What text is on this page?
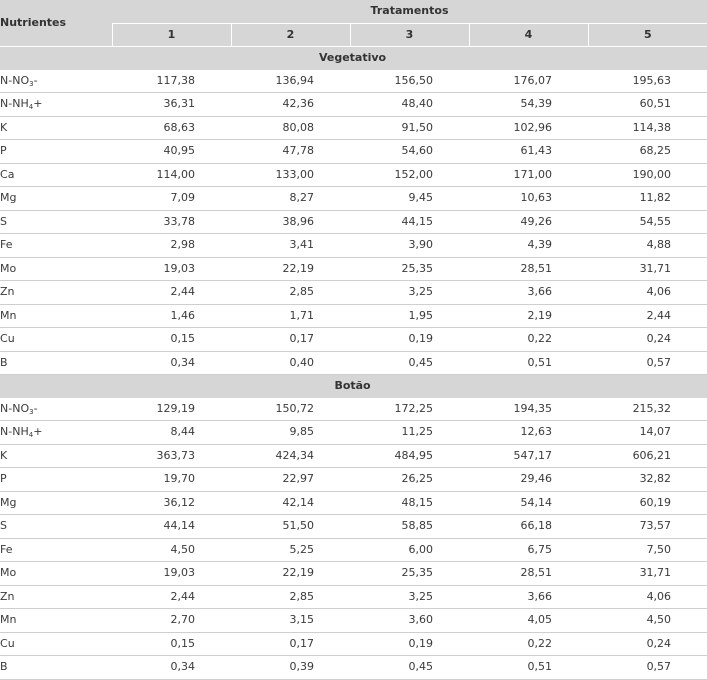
Nutrientes	Tratamentos				
	1	2	3	4	5
Vegetativo					
$N-NO_3-$	117,38	136,94	156,50	176,07	195,63
$N-NH_4+$	36,31	42,36	48,40	54,39	60,51
K	68,63	80,08	91,50	102,96	114,38
P	40,95	47,78	54,60	61,43	68,25
Ca	114,00	133,00	152,00	171,00	190,00
Mg	7,09	8,27	9,45	10,63	11,82
S	33,78	38,96	44,15	49,26	54,55
Fe	2,98	3,41	3,90	4,39	4,88
Mo	19,03	22,19	25,35	28,51	31,71
Zn	2,44	2,85	3,25	3,66	4,06
Mn	1,46	1,71	1,95	2,19	2,44
Cu	0,15	0,17	0,19	0,22	0,24
B	0,34	0,40	0,45	0,51	0,57
Botão					
$N-NO_3-$	129,19	150,72	172,25	194,35	215,32
$N-NH_4+$	8,44	9,85	11,25	12,63	14,07
K	363,73	424,34	484,95	547,17	606,21
P	19,70	22,97	26,25	29,46	32,82
Mg	36,12	42,14	48,15	54,14	60,19
S	44,14	51,50	58,85	66,18	73,57
Fe	4,50	5,25	6,00	6,75	7,50
Mo	19,03	22,19	25,35	28,51	31,71
Zn	2,44	2,85	3,25	3,66	4,06
Mn	2,70	3,15	3,60	4,05	4,50
Cu	0,15	0,17	0,19	0,22	0,24
B	0,34	0,39	0,45	0,51	0,57
